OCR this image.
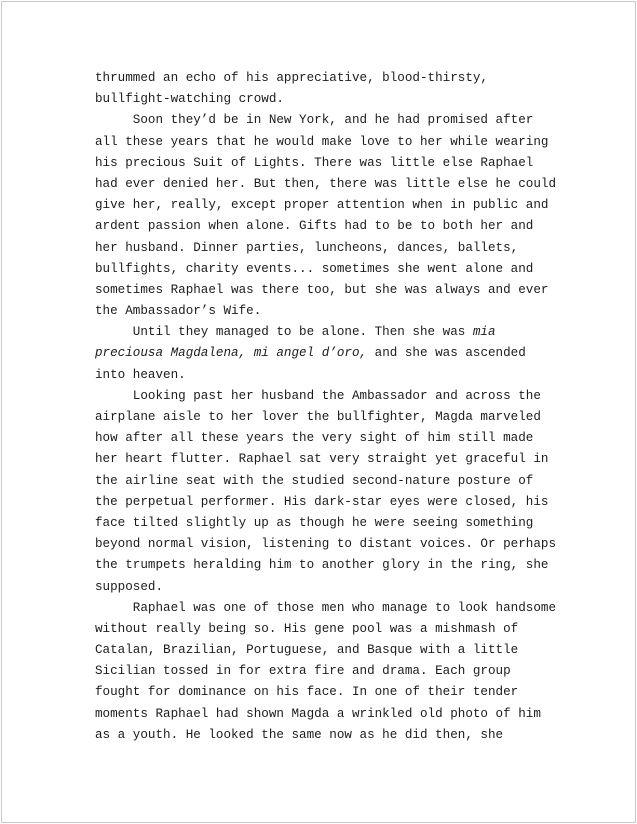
thrummed an echo of his appreciative, blood-thirsty,
bullfight-watching crowd.
Soon they’d be in New York, and he had promised after
all these years that he would make love to her while wearing
his precious Suit of Lights. There was little else Raphael
had ever denied her. But then, there was little else he could
give her, really, except proper attention when in public and
ardent passion when alone. Gifts had to be to both her and
her husband. Dinner parties, luncheons, dances, ballets,
bullfights, charity events... sometimes she went alone and
sometimes Raphael was there too, but she was always and ever
the Ambassador’s Wife.
Until they managed to be alone. Then she was mia
preciousa Magdalena, mi angel d’oro, and she was ascended
into heaven.
Looking past her husband the Ambassador and across the
airplane aisle to her lover the bullfighter, Magda marveled
how after all these years the very sight of him still made
her heart flutter. Raphael sat very straight yet graceful in
the airline seat with the studied second-nature posture of
the perpetual performer. His dark-star eyes were closed, his
face tilted slightly up as though he were seeing something
beyond normal vision, listening to distant voices. Or perhaps
the trumpets heralding him to another glory in the ring, she
supposed.
Raphael was one of those men who manage to look handsome
without really being so. His gene pool was a mishmash of
Catalan, Brazilian, Portuguese, and Basque with a little
Sicilian tossed in for extra fire and drama. Each group
fought for dominance on his face. In one of their tender
moments Raphael had shown Magda a wrinkled old photo of him
as a youth. He looked the same now as he did then, she
